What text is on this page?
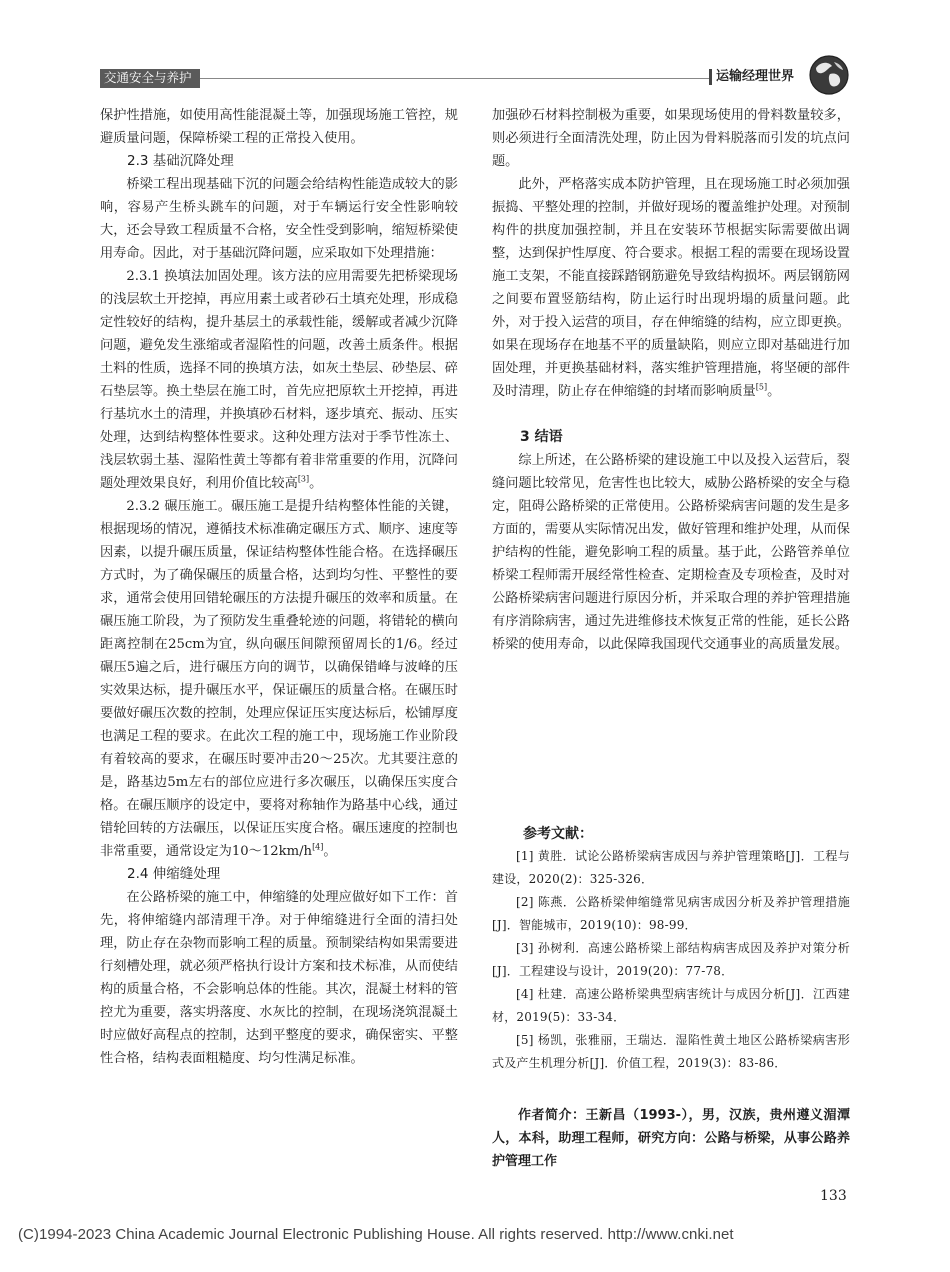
交通安全与养护	运输经理世界

保护性措施，如使用高性能混凝土等，加强现场施工管控，规避质量问题，保障桥梁工程的正常投入使用。

2.3 基础沉降处理

桥梁工程出现基础下沉的问题会给结构性能造成较大的影响，容易产生桥头跳车的问题，对于车辆运行安全性影响较大，还会导致工程质量不合格，安全性受到影响，缩短桥梁使用寿命。因此，对于基础沉降问题，应采取如下处理措施：

2.3.1 换填法加固处理。该方法的应用需要先把桥梁现场的浅层软土开挖掉，再应用素土或者砂石土填充处理，形成稳定性较好的结构，提升基层土的承载性能，缓解或者减少沉降问题，避免发生涨缩或者湿陷性的问题，改善土质条件。根据土料的性质，选择不同的换填方法，如灰土垫层、砂垫层、碎石垫层等。换土垫层在施工时，首先应把原软土开挖掉，再进行基坑水土的清理，并换填砂石材料，逐步填充、振动、压实处理，达到结构整体性要求。这种处理方法对于季节性冻土、浅层软弱土基、湿陷性黄土等都有着非常重要的作用，沉降问题处理效果良好，利用价值比较高[3]。

2.3.2 碾压施工。碾压施工是提升结构整体性能的关键，根据现场的情况，遵循技术标准确定碾压方式、顺序、速度等因素，以提升碾压质量，保证结构整体性能合格。在选择碾压方式时，为了确保碾压的质量合格，达到均匀性、平整性的要求，通常会使用回错轮碾压的方法提升碾压的效率和质量。在碾压施工阶段，为了预防发生重叠轮迹的问题，将错轮的横向距离控制在25cm为宜，纵向碾压间隙预留周长的1/6。经过碾压5遍之后，进行碾压方向的调节，以确保错峰与波峰的压实效果达标，提升碾压水平，保证碾压的质量合格。在碾压时要做好碾压次数的控制，处理应保证压实度达标后，松铺厚度也满足工程的要求。在此次工程的施工中，现场施工作业阶段有着较高的要求，在碾压时要冲击20～25次。尤其要注意的是，路基边5m左右的部位应进行多次碾压，以确保压实度合格。在碾压顺序的设定中，要将对称轴作为路基中心线，通过错轮回转的方法碾压，以保证压实度合格。碾压速度的控制也非常重要，通常设定为10～12km/h[4]。

2.4 伸缩缝处理

在公路桥梁的施工中，伸缩缝的处理应做好如下工作：首先，将伸缩缝内部清理干净。对于伸缩缝进行全面的清扫处理，防止存在杂物而影响工程的质量。预制梁结构如果需要进行刻槽处理，就必须严格执行设计方案和技术标准，从而使结构的质量合格，不会影响总体的性能。其次，混凝土材料的管控尤为重要，落实坍落度、水灰比的控制，在现场浇筑混凝土时应做好高程点的控制，达到平整度的要求，确保密实、平整性合格，结构表面粗糙度、均匀性满足标准。

加强砂石材料控制极为重要，如果现场使用的骨料数量较多，则必须进行全面清洗处理，防止因为骨料脱落而引发的坑点问题。

此外，严格落实成本防护管理，且在现场施工时必须加强振捣、平整处理的控制，并做好现场的覆盖维护处理。对预制构件的拱度加强控制，并且在安装环节根据实际需要做出调整，达到保护性厚度、符合要求。根据工程的需要在现场设置施工支架，不能直接踩踏钢筋避免导致结构损坏。两层钢筋网之间要布置竖筋结构，防止运行时出现坍塌的质量问题。此外，对于投入运营的项目，存在伸缩缝的结构，应立即更换。如果在现场存在地基不平的质量缺陷，则应立即对基础进行加固处理，并更换基础材料，落实维护管理措施，将坚硬的部件及时清理，防止存在伸缩缝的封堵而影响质量[5]。

3 结语

综上所述，在公路桥梁的建设施工中以及投入运营后，裂缝问题比较常见，危害性也比较大，威胁公路桥梁的安全与稳定，阻碍公路桥梁的正常使用。公路桥梁病害问题的发生是多方面的，需要从实际情况出发，做好管理和维护处理，从而保护结构的性能，避免影响工程的质量。基于此，公路管养单位桥梁工程师需开展经常性检查、定期检查及专项检查，及时对公路桥梁病害问题进行原因分析，并采取合理的养护管理措施有序消除病害，通过先进维修技术恢复正常的性能，延长公路桥梁的使用寿命，以此保障我国现代交通事业的高质量发展。

参考文献：

[1] 黄胜．试论公路桥梁病害成因与养护管理策略[J]．工程与建设，2020(2)：325-326．

[2] 陈燕．公路桥梁伸缩缝常见病害成因分析及养护管理措施[J]．智能城市，2019(10)：98-99．

[3] 孙树利．高速公路桥梁上部结构病害成因及养护对策分析[J]．工程建设与设计，2019(20)：77-78．

[4] 杜建．高速公路桥梁典型病害统计与成因分析[J]．江西建材，2019(5)：33-34．

[5] 杨凯，张雅丽，王瑞达．湿陷性黄土地区公路桥梁病害形式及产生机理分析[J]．价值工程，2019(3)：83-86．

作者简介：王新昌（1993-），男，汉族，贵州遵义湄潭人，本科，助理工程师，研究方向：公路与桥梁，从事公路养护管理工作
133
(C)1994-2023 China Academic Journal Electronic Publishing House. All rights reserved. http://www.cnki.net
